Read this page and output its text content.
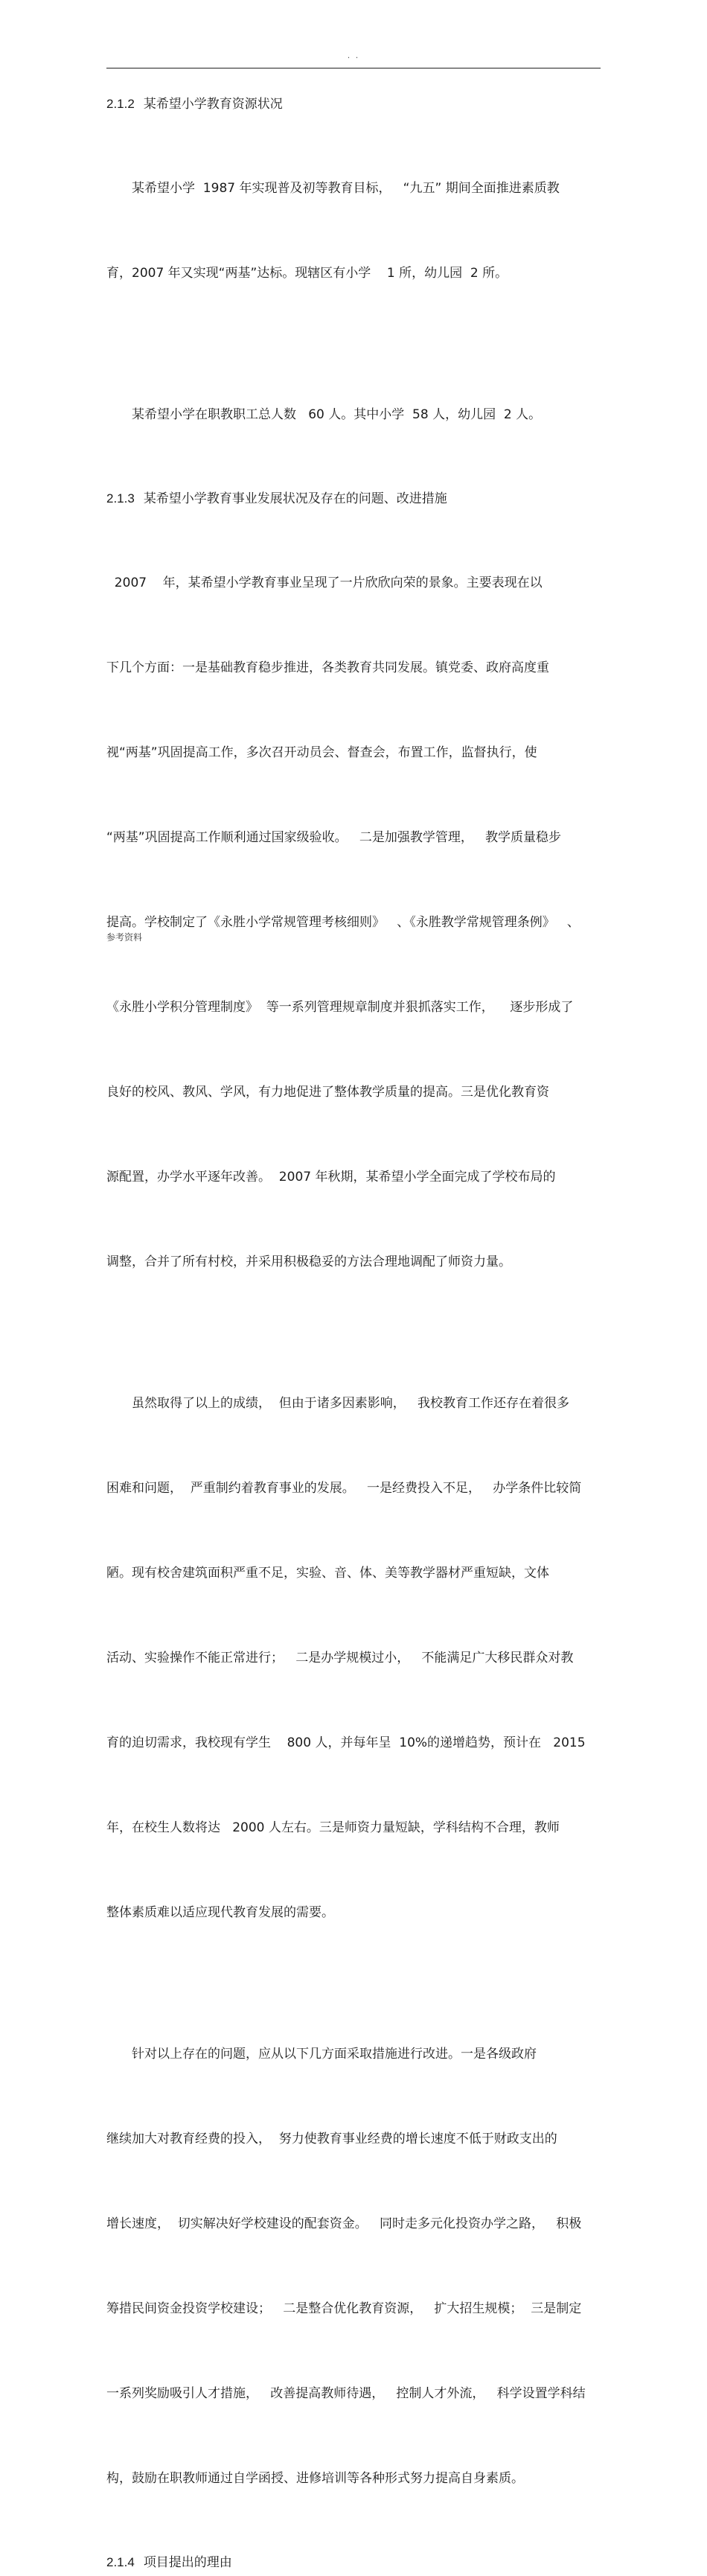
. .
2.1.2 某希望小学教育资源状况

　　某希望小学  1987 年实现普及初等教育目标，   “九五” 期间全面推进素质教

育，2007 年又实现“两基”达标。现辖区有小学    1 所，幼儿园  2 所。

　　某希望小学在职教职工总人数   60 人。其中小学  58 人，幼儿园  2 人。

2.1.3 某希望小学教育事业发展状况及存在的问题、改进措施

2007    年，某希望小学教育事业呈现了一片欣欣向荣的景象。主要表现在以

下几个方面：一是基础教育稳步推进，各类教育共同发展。镇党委、政府高度重

视“两基”巩固提高工作，多次召开动员会、督查会，布置工作，监督执行，使

“两基”巩固提高工作顺利通过国家级验收。   二是加强教学管理，   教学质量稳步

提高。学校制定了《永胜小学常规管理考核细则》   、《永胜教学常规管理条例》   、

《永胜小学积分管理制度》  等一系列管理规章制度并狠抓落实工作，    逐步形成了

良好的校风、教风、学风，有力地促进了整体教学质量的提高。三是优化教育资

源配置，办学水平逐年改善。  2007 年秋期，某希望小学全面完成了学校布局的

调整，合并了所有村校，并采用积极稳妥的方法合理地调配了师资力量。

　　虽然取得了以上的成绩，  但由于诸多因素影响，   我校教育工作还存在着很多

困难和问题，  严重制约着教育事业的发展。   一是经费投入不足，   办学条件比较简

陋。现有校舍建筑面积严重不足，实验、音、体、美等教学器材严重短缺，文体

活动、实验操作不能正常进行；   二是办学规模过小，   不能满足广大移民群众对教

育的迫切需求，我校现有学生    800 人，并每年呈  10%的递增趋势，预计在   2015

年，在校生人数将达   2000 人左右。三是师资力量短缺，学科结构不合理，教师

整体素质难以适应现代教育发展的需要。

　　针对以上存在的问题，应从以下几方面采取措施进行改进。一是各级政府

继续加大对教育经费的投入，  努力使教育事业经费的增长速度不低于财政支出的

增长速度，  切实解决好学校建设的配套资金。   同时走多元化投资办学之路，   积极

筹措民间资金投资学校建设；   二是整合优化教育资源，   扩大招生规模；  三是制定

一系列奖励吸引人才措施，   改善提高教师待遇，   控制人才外流，   科学设置学科结

构，鼓励在职教师通过自学函授、进修培训等各种形式努力提高自身素质。

2.1.4 项目提出的理由
参考资料
